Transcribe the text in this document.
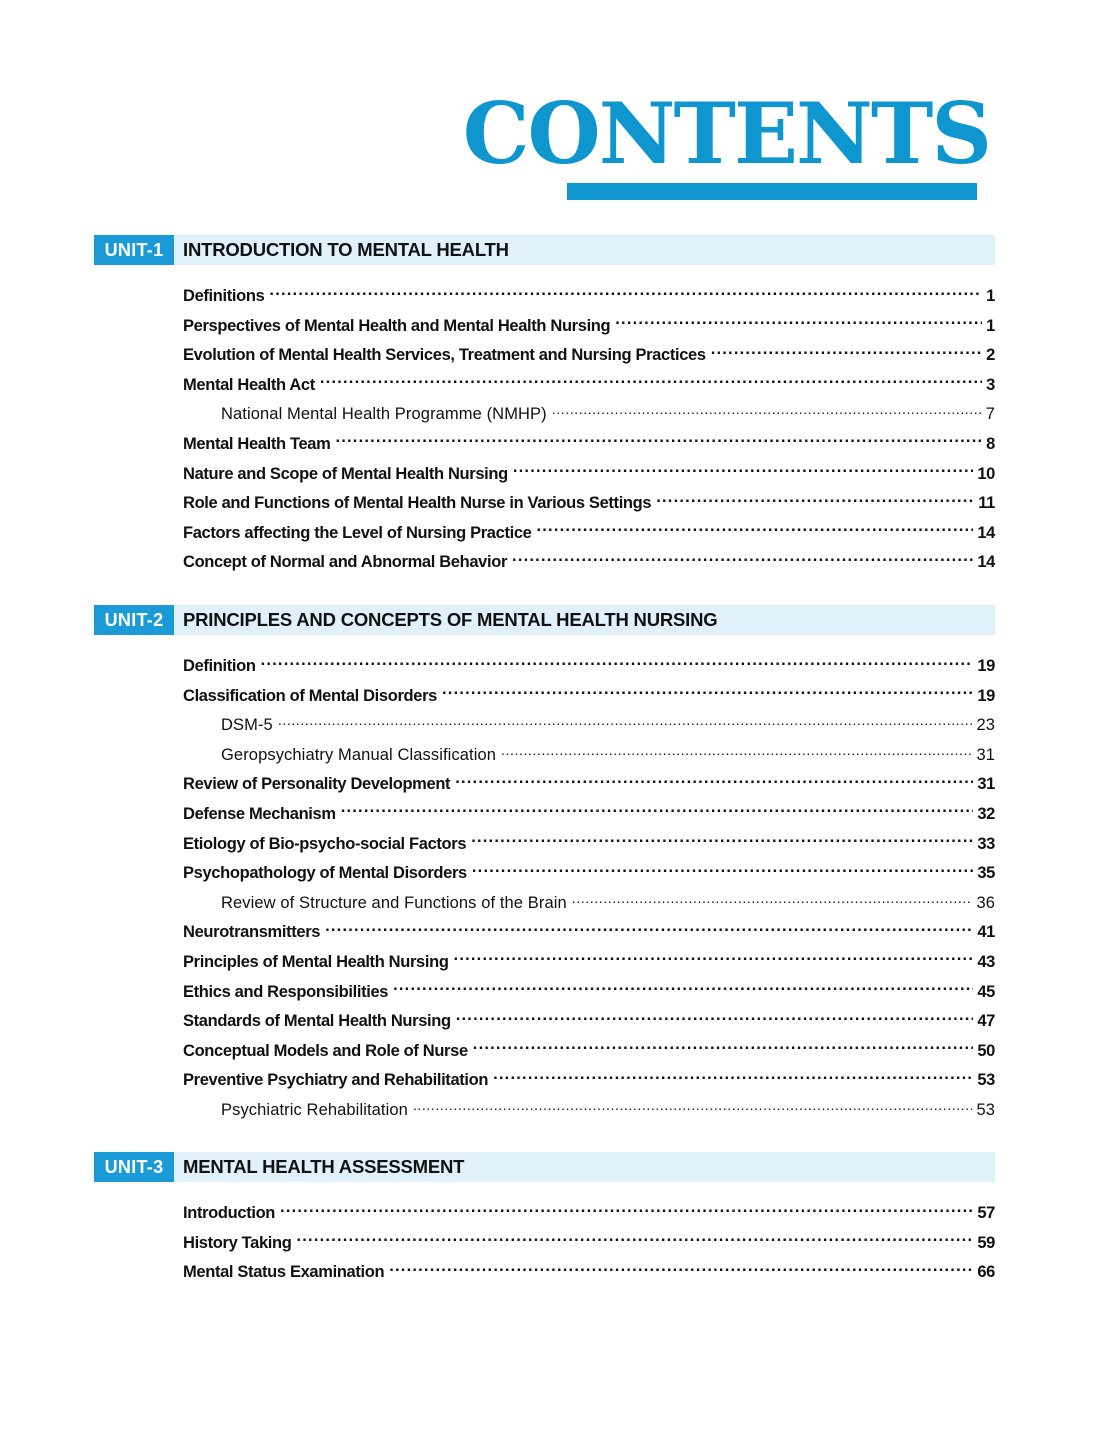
CONTENTS
UNIT-1	INTRODUCTION TO MENTAL HEALTH
Definitions .....	1
Perspectives of Mental Health and Mental Health Nursing .....	1
Evolution of Mental Health Services, Treatment and Nursing Practices .....	2
Mental Health Act .....	3
National Mental Health Programme (NMHP) .....	7
Mental Health Team .....	8
Nature and Scope of Mental Health Nursing .....	10
Role and Functions of Mental Health Nurse in Various Settings .....	11
Factors affecting the Level of Nursing Practice .....	14
Concept of Normal and Abnormal Behavior .....	14
UNIT-2	PRINCIPLES AND CONCEPTS OF MENTAL HEALTH NURSING
Definition .....	19
Classification of Mental Disorders .....	19
DSM-5 .....	23
Geropsychiatry Manual Classification .....	31
Review of Personality Development .....	31
Defense Mechanism .....	32
Etiology of Bio-psycho-social Factors .....	33
Psychopathology of Mental Disorders .....	35
Review of Structure and Functions of the Brain .....	36
Neurotransmitters .....	41
Principles of Mental Health Nursing .....	43
Ethics and Responsibilities .....	45
Standards of Mental Health Nursing .....	47
Conceptual Models and Role of Nurse .....	50
Preventive Psychiatry and Rehabilitation .....	53
Psychiatric Rehabilitation .....	53
UNIT-3	MENTAL HEALTH ASSESSMENT
Introduction .....	57
History Taking .....	59
Mental Status Examination .....	66
